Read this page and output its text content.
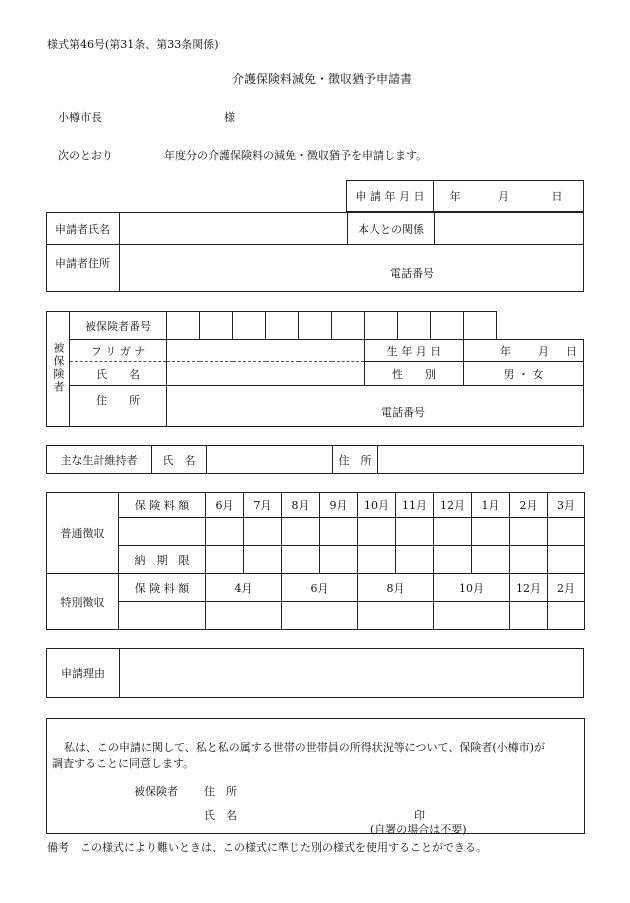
様式第46号(第31条、第33条関係)
介護保険料減免・徴収猶予申請書
小樽市長	様
次のとおり	年度分の介護保険料の減免・徴収猶予を申請します。
申 請 年 月 日	年	月	日
申請者氏名		本人との関係	
申請者住所	電話番号		
被保険者	被保険者番号											
	フ リ ガ ナ							生 年 月 日			年 月 日	
	氏　　名							性　　別			男 ・ 女	
	住　　所	電話番号										
主な生計維持者	氏　名		住　所	
普通徴収	保 険 料 額	6月	7月	8月	9月	10月	11月	12月	1月	2月	3月

	納　期　限										
特別徴収	保 険 料 額	4月		6月		8月		10月		12月	2月

申請理由	
私は、この申請に関して、私と私の属する世帯の世帯員の所得状況等について、保険者(小樽市)が
調査することに同意します。
被保険者 住　所
氏　名	印
(自署の場合は不要)
備考　この様式により難いときは、この様式に準じた別の様式を使用することができる。
